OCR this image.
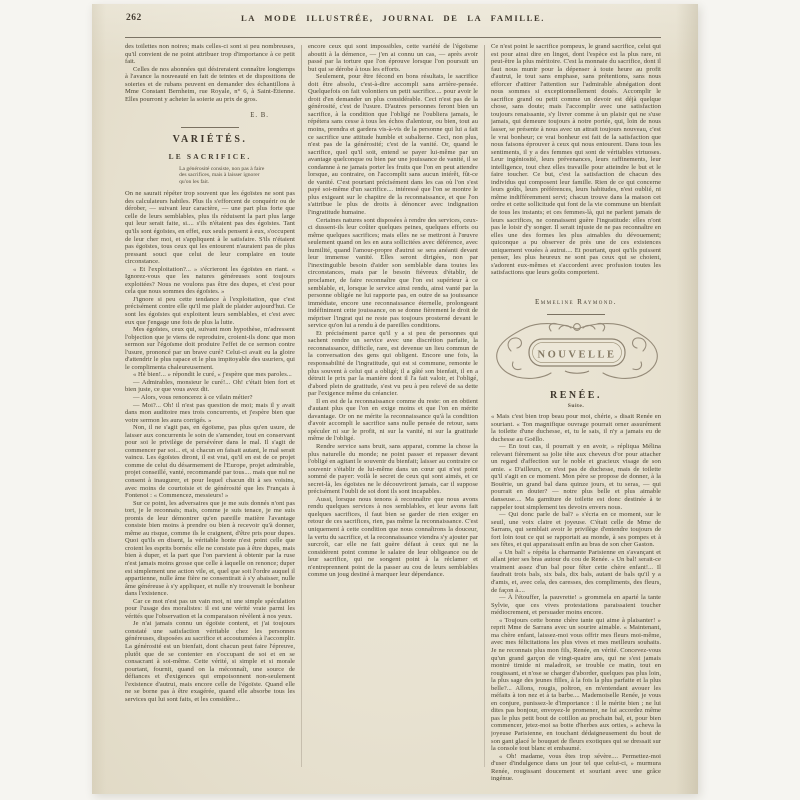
262	LA MODE ILLUSTRÉE, JOURNAL DE LA FAMILLE.

des toilettes non noires; mais celles-ci sont si peu nombreuses, qu'il convient de ne point attribuer trop d'importance à ce petit fait.

Celles de nos abonnées qui désireraient connaître longtemps à l'avance la nouveauté en fait de teintes et de dispositions de soieries et de rubans peuvent en demander des échantillons à Mme Constant Bernheim, rue Royale, n° 6, à Saint-Étienne. Elles pourront y acheter la soierie au prix de gros.

E. B.
VARIÉTÉS.
LE SACRIFICE.

La générosité consiste, non pas à faire

des sacrifices, mais à laisser ignorer

qu'on les fait.

On ne saurait répéter trop souvent que les égoïstes ne sont pas des calculateurs habiles. Plus ils s'efforcent de conquérir ou de dérober, — suivant leur caractère, — une part plus forte que celle de leurs semblables, plus ils réduisent la part plus large qui leur serait faite, si.... s'ils n'étaient pas des égoïstes. Tant qu'ils sont égoïstes, en effet, eux seuls pensent à eux, s'occupent de leur cher moi, et s'appliquent à le satisfaire. S'ils n'étaient pas égoïstes, tous ceux qui les entourent n'auraient pas de plus pressant souci que celui de leur complaire en toute circonstance.

« Et l'exploitation?... » s'écrieront les égoïstes en riant. « Ignorez-vous que les natures généreuses sont toujours exploitées? Nous ne voulons pas être des dupes, et c'est pour cela que nous sommes des égoïstes. »

J'ignore si peu cette tendance à l'exploitation, que c'est précisément contre elle qu'il me plaît de plaider aujourd'hui. Ce sont les égoïstes qui exploitent leurs semblables, et c'est avec eux que j'engage une fois de plus la lutte.

Mes égoïstes, ceux qui, suivant mon hypothèse, m'adressent l'objection que je viens de reproduire, croient-ils donc que mon sermon sur l'égoïsme doit produire l'effet de ce sermon contre l'usure, prononcé par un brave curé? Celui-ci avait eu la gloire d'attendrir le plus rapace et le plus impitoyable des usuriers, qui le complimenta chaleureusement.

« Hé bien!... » répondit le curé, « j'espère que mes paroles...

— Admirables, monsieur le curé!... Oh! c'était bien fort et bien juste, ce que vous avez dit.

— Alors, vous renoncerez à ce vilain métier?

— Moi?... Oh! il n'est pas question de moi; mais il y avait dans mon auditoire mes trois concurrents, et j'espère bien que votre sermon les aura corrigés. »

Non, il ne s'agit pas, en égoïsme, pas plus qu'en usure, de laisser aux concurrents le soin de s'amender, tout en conservant pour soi le privilège de persévérer dans le mal. Il s'agit de commencer par soi... et, si chacun en faisait autant, le mal serait vaincu. Les égoïstes diront, il est vrai, qu'il en est de ce projet comme de celui du désarmement de l'Europe, projet admirable, projet conseillé, vanté, recommandé par tous.... mais que nul ne consent à inaugurer, et pour lequel chacun dit à ses voisins, avec moins de courtoisie et de générosité que les Français à Fontenoi : « Commencez, messieurs! »

Sur ce point, les adversaires que je me suis donnés n'ont pas tort, je le reconnais; mais, comme je suis tenace, je me suis promis de leur démontrer qu'en pareille matière l'avantage consiste bien moins à prendre ou bien à recevoir qu'à donner, même au risque, comme ils le craignent, d'être pris pour dupes. Quoi qu'ils en disent, la véritable honte n'est point celle que croient les esprits bornés: elle ne consiste pas à être dupes, mais bien à duper, et la part que l'on parvient à obtenir par la ruse n'est jamais moins grosse que celle à laquelle on renonce; duper est simplement une action vile, et, quel que soit l'ordre auquel il appartienne, nulle âme fière ne consentirait à s'y abaisser, nulle âme généreuse à s'y appliquer, et nulle n'y trouverait le bonheur dans l'existence.

Car ce mot n'est pas un vain mot, ni une simple spéculation pour l'usage des moralistes: il est une vérité vraie parmi les vérités que l'observation et la comparaison révèlent à nos yeux.

Je n'ai jamais connu un égoïste content, et j'ai toujours constaté une satisfaction véritable chez les personnes généreuses, disposées au sacrifice et accoutumées à l'accomplir. La générosité est un bienfait, dont chacun peut faire l'épreuve, plutôt que de se contenter en s'occupant de soi et en se consacrant à soi-même. Cette vérité, si simple et si morale pourtant, fournit, quand on la méconnaît, une source de défiances et d'exigences qui empoisonnent non-seulement l'existence d'autrui, mais encore celle de l'égoïste. Quand elle ne se borne pas à être exagérée, quand elle absorbe tous les services qui lui sont faits, et les considère...

encore ceux qui sont impossibles, cette variété de l'égoïsme aboutit à la démence, — j'en ai connu un cas, — après avoir passé par la torture que l'on éprouve lorsque l'on poursuit un but qui se dérobe à tous les efforts.

Seulement, pour être fécond en bons résultats, le sacrifice doit être absolu, c'est-à-dire accompli sans arrière-pensée. Quelquefois on fait volontiers un petit sacrifice.... pour avoir le droit d'en demander un plus considérable. Ceci n'est pas de la générosité, c'est de l'usure. D'autres personnes feront bien un sacrifice, à la condition que l'obligé ne l'oubliera jamais, le répétera sans cesse à tous les échos d'alentour, ou bien, tout au moins, prendra et gardera vis-à-vis de la personne qui lui a fait ce sacrifice une attitude humble et subalterne. Ceci, non plus, n'est pas de la générosité; c'est de la vanité. Or, quand le sacrifice, quel qu'il soit, entend se payer lui-même par un avantage quelconque ou bien par une jouissance de vanité, il se condamne à ne jamais porter les fruits que l'on en peut attendre lorsque, au contraire, on l'accomplit sans aucun intérêt, fût-ce de vanité. C'est pourtant précisément dans les cas où l'on s'est payé soi-même d'un sacrifice.... intéressé que l'on se montre le plus exigeant sur le chapitre de la reconnaissance, et que l'on s'attribue le plus de droits à dénoncer avec indignation l'ingratitude humaine.

Certaines natures sont disposées à rendre des services, ceux-ci dussent-ils leur coûter quelques peines, quelques efforts ou même quelques sacrifices; mais elles ne se mettront à l'œuvre seulement quand on les en aura sollicitées avec déférence, avec humilité, quand l'amour-propre d'autrui se sera anéanti devant leur immense vanité. Elles seront dirigées, non par l'inextinguible besoin d'aider son semblable dans toutes les circonstances, mais par le besoin fiévreux d'établir, de proclamer, de faire reconnaître que l'on est supérieur à ce semblable, et, lorsque le service ainsi rendu, ainsi vanté par la personne obligée ne lui rapporte pas, en outre de sa jouissance immédiate, encore une reconnaissance éternelle, prolongeant indéfiniment cette jouissance, on se donne fièrement le droit de mépriser l'ingrat qui ne reste pas toujours prosterné devant le service qu'on lui a rendu à de pareilles conditions.

Et précisément parce qu'il y a si peu de personnes qui sachent rendre un service avec une discrétion parfaite, la reconnaissance, difficile, rare, est devenue un lieu commun de la conversation des gens qui obligent. Encore une fois, la responsabilité de l'ingratitude, qui est si commune, remonte le plus souvent à celui qui a obligé; il a gâté son bienfait, il en a détruit le prix par la manière dont il l'a fait valoir, et l'obligé, d'abord plein de gratitude, s'est vu peu à peu relevé de sa dette par l'exigence même du créancier.

Il en est de la reconnaissance comme du reste: on en obtient d'autant plus que l'on en exige moins et que l'on en mérite davantage. Or on ne mérite la reconnaissance qu'à la condition d'avoir accompli le sacrifice sans nulle pensée de retour, sans spéculer ni sur le profit, ni sur la vanité, ni sur la gratitude même de l'obligé.

Rendre service sans bruit, sans apparat, comme la chose la plus naturelle du monde; ne point passer et repasser devant l'obligé en agitant le souvenir du bienfait; laisser au contraire ce souvenir s'établir de lui-même dans un cœur qui n'est point sommé de payer: voilà le secret de ceux qui sont aimés, et ce secret-là, les égoïstes ne le découvriront jamais, car il suppose précisément l'oubli de soi dont ils sont incapables.

Aussi, lorsque nous tenons à reconnaître que nous avons rendu quelques services à nos semblables, et leur avons fait quelques sacrifices, il faut bien se garder de rien exiger en retour de ces sacrifices, rien, pas même la reconnaissance. C'est uniquement à cette condition que nous connaîtrons la douceur, la vertu du sacrifice, et la reconnaissance viendra s'y ajouter par surcroît, car elle ne fait guère défaut à ceux qui ne la considèrent point comme le salaire de leur obligeance ou de leur sacrifice, qui ne songent point à la réclamer et n'entreprennent point de la passer au cou de leurs semblables comme un joug destiné à marquer leur dépendance.

Ce n'est point le sacrifice pompeux, le grand sacrifice, celui qui est pour ainsi dire en lingot, dont l'espèce est la plus rare, ni peut-être la plus méritoire. C'est la monnaie du sacrifice, dont il faut nous munir pour la dépenser à toute heure au profit d'autrui, le tout sans emphase, sans prétentions, sans nous efforcer d'attirer l'attention sur l'admirable abnégation dont nous sommes si exceptionnellement doués. Accomplir le sacrifice grand ou petit comme un devoir est déjà quelque chose, sans doute; mais l'accomplir avec une satisfaction toujours renaissante, s'y livrer comme à un plaisir qui ne s'use jamais, qui demeure toujours à notre portée, qui, loin de nous lasser, se présente à nous avec un attrait toujours nouveau, c'est le vrai bonheur; ce vrai bonheur est fait de la satisfaction que nous faisons éprouver à ceux qui nous entourent. Dans tous les sentiments, il y a des femmes qui sont de véritables virtuoses. Leur ingéniosité, leurs prévenances, leurs raffinements, leur intelligence, tout chez elles travaille pour atteindre le but et le faire toucher. Ce but, c'est la satisfaction de chacun des individus qui composent leur famille. Rien de ce qui concerne leurs goûts, leurs préférences, leurs habitudes, n'est oublié, ni même indifféremment servi; chacun trouve dans la maison cet ordre et cette sollicitude qui font de la vie commune un bienfait de tous les instants; et ces femmes-là, qui ne parlent jamais de leurs sacrifices, ne connaissent guère l'ingratitude: elles n'ont pas le loisir d'y songer. Il serait injuste de ne pas reconnaître en elles une des formes les plus aimables du dévouement; quiconque a pu observer de près une de ces existences uniquement vouées à autrui.... Et pourtant, quoi qu'ils puissent penser, les plus heureux ne sont pas ceux qui se choient, s'adorent eux-mêmes et s'accordent avec profusion toutes les satisfactions que leurs goûts comportent.

Emmeline Raymond.
NOUVELLE
RENÉE.
Suite.

« Mais c'est bien trop beau pour moi, chérie, » disait Renée en souriant. « Ton magnifique ouvrage pourrait orner assurément la toilette d'une duchesse, et, tu le sais, il n'y a jamais eu de duchesse au Goëllo.

— En tout cas, il pourrait y en avoir, » répliqua Mélina relevant fièrement sa jolie tête aux cheveux d'or pour attacher un regard d'affection sur le noble et gracieux visage de son amie. « D'ailleurs, ce n'est pas de duchesse, mais de toilette qu'il s'agit en ce moment. Mon père se propose de donner, à la Bouërie, un grand bal dans quinze jours, et tu seras, — qui pourrait en douter? — notre plus belle et plus aimable danseuse.... Ma garniture de toilette est donc destinée à te rappeler tout simplement tes devoirs envers nous.

— Qui donc parle de bal? » s'écria en ce moment, sur le seuil, une voix claire et joyeuse. C'était celle de Mme de Sarrans, qui semblait avoir le privilège d'entendre toujours de fort loin tout ce qui se rapportait au monde, à ses pompes et à ses fêtes, et qui apparaissait enfin au bras de son cher Gaston.

« Un bal! » répéta la charmante Parisienne en s'avançant et allant jeter ses bras autour du cou de Renée. « Un bal! serait-ce vraiment assez d'un bal pour fêter cette chère enfant!... Il faudrait trois bals, six bals, dix bals, autant de bals qu'il y a d'amis, et, avec cela, des caresses, des compliments, des fleurs, de façon à....

— À l'étouffer, la pauvrette! » grommela en aparté la tante Sylvie, que ces vives protestations paraissaient toucher médiocrement, et persuader moins encore.

« Toujours cette bonne chère tante qui aime à plaisanter! » reprit Mme de Sarrans avec un sourire aimable. « Maintenant, ma chère enfant, laissez-moi vous offrir mes fleurs moi-même, avec mes félicitations les plus vives et mes meilleurs souhaits. Je ne reconnais plus mon fils, Renée, en vérité. Concevez-vous qu'un grand garçon de vingt-quatre ans, qui ne s'est jamais montré timide ni maladroit, se trouble ce matin, tout en rougissant, et n'ose se charger d'aborder, quelques pas plus loin, la plus sage des jeunes filles, à la fois la plus parfaite et la plus belle?... Allons, rougis, poltron, en m'entendant avouer les méfaits à ton nez et à ta barbe.... Mademoiselle Renée, je vous en conjure, punissez-le d'importance : il le mérite bien ; ne lui dites pas bonjour, envoyez-le promener, ne lui accordez même pas le plus petit bout de cotillon au prochain bal, et, pour bien commencer, jetez-moi sa botte d'herbes aux orties, » acheva la joyeuse Parisienne, en touchant dédaigneusement du bout de son gant glacé le bouquet de fleurs exotiques qui se dressait sur la console tout blanc et embaumé.

« Oh! madame, vous êtes trop sévère.... Permettez-moi d'user d'indulgence dans un jour tel que celui-ci, » murmura Renée, rougissant doucement et souriant avec une grâce ingénue.
